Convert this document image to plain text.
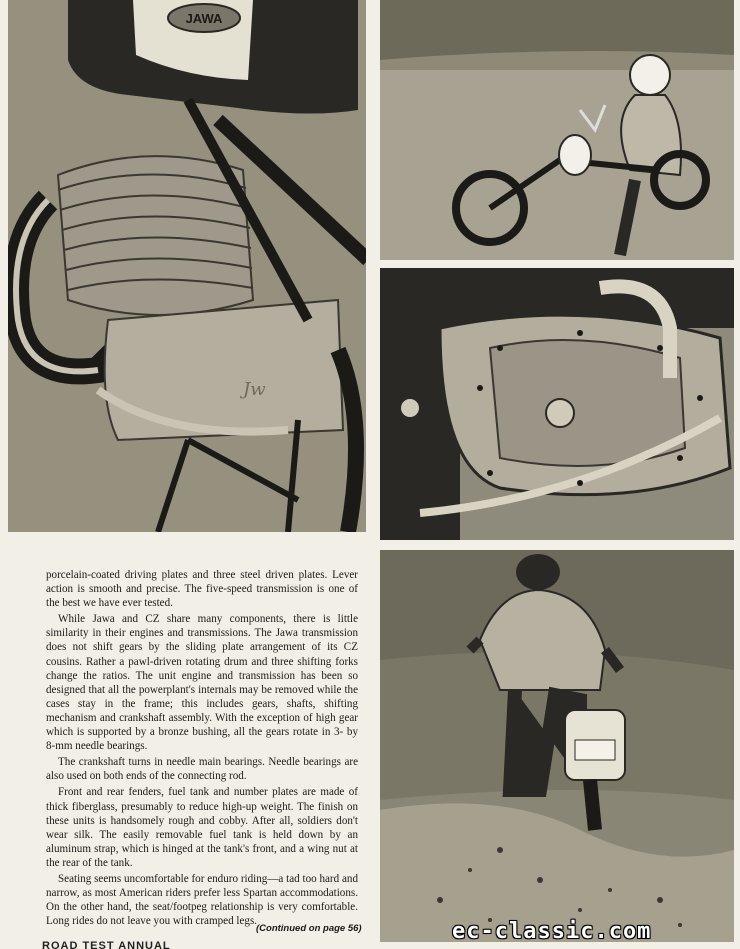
JAWA
Jw

porcelain-coated driving plates and three steel driven plates. Lever action is smooth and precise. The five-speed transmission is one of the best we have ever tested.

While Jawa and CZ share many components, there is little similarity in their engines and transmissions. The Jawa transmission does not shift gears by the sliding plate arrangement of its CZ cousins. Rather a pawl-driven rotating drum and three shifting forks change the ratios. The unit engine and transmission has been so designed that all the powerplant's internals may be removed while the cases stay in the frame; this includes gears, shafts, shifting mechanism and crankshaft assembly. With the exception of high gear which is supported by a bronze bushing, all the gears rotate in 3- by 8-mm needle bearings.

The crankshaft turns in needle main bearings. Needle bearings are also used on both ends of the connecting rod.

Front and rear fenders, fuel tank and number plates are made of thick fiberglass, presumably to reduce high-up weight. The finish on these units is handsomely rough and cobby. After all, soldiers don't wear silk. The easily removable fuel tank is held down by an aluminum strap, which is hinged at the tank's front, and a wing nut at the rear of the tank.

Seating seems uncomfortable for enduro riding—a tad too hard and narrow, as most American riders prefer less Spartan accommodations. On the other hand, the seat/footpeg relationship is very comfortable. Long rides do not leave you with cramped legs.

(Continued on page 56)
ROAD TEST ANNUAL
ec-classic.com
